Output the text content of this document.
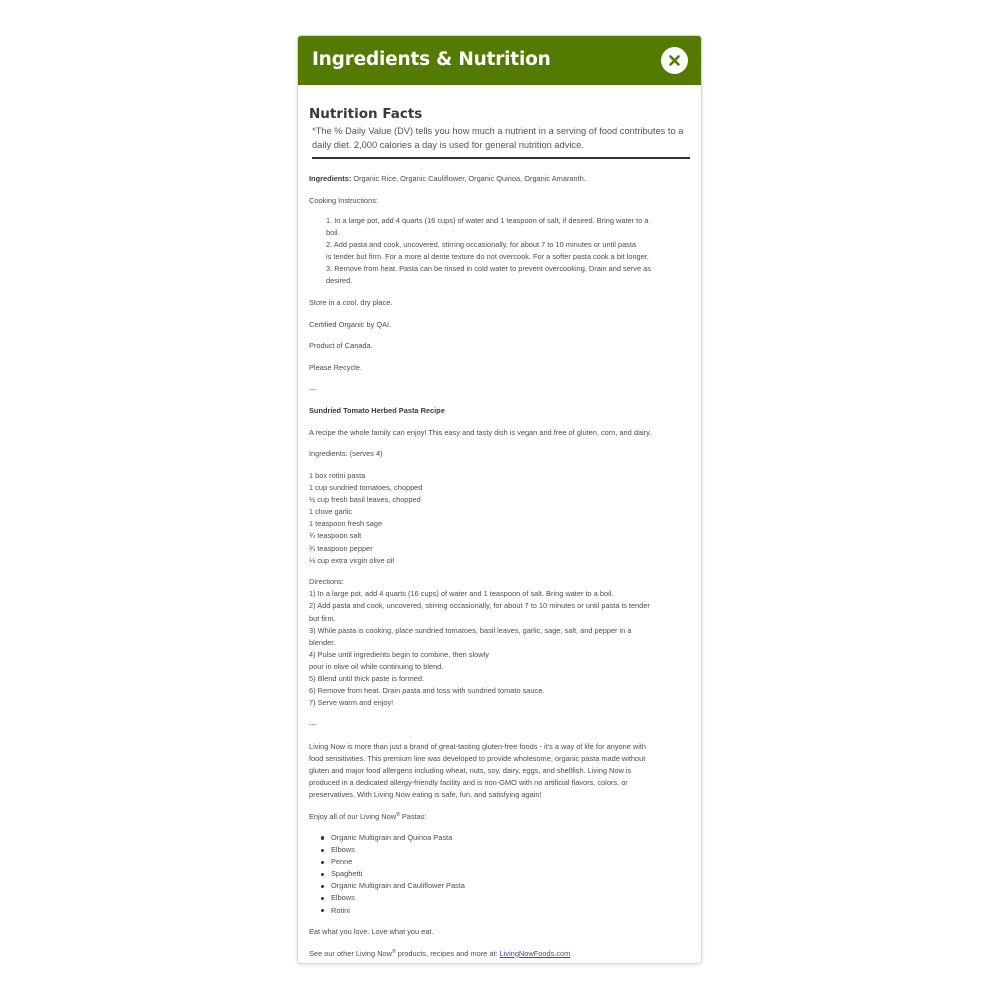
Ingredients & Nutrition
Nutrition Facts
*The % Daily Value (DV) tells you how much a nutrient in a serving of food contributes to a daily diet. 2,000 calories a day is used for general nutrition advice.

Ingredients: Organic Rice, Organic Cauliflower, Organic Quinoa, Organic Amaranth.

Cooking Instructions:

1. In a large pot, add 4 quarts (16 cups) of water and 1 teaspoon of salt, if desired. Bring water to a
boil.
2. Add pasta and cook, uncovered, stirring occasionally, for about 7 to 10 minutes or until pasta
is tender but firm. For a more al dente texture do not overcook. For a softer pasta cook a bit longer.
3. Remove from heat. Pasta can be rinsed in cold water to prevent overcooking. Drain and serve as
desired.

Store in a cool, dry place.

Certified Organic by QAI.

Product of Canada.

Please Recycle.

---

Sundried Tomato Herbed Pasta Recipe

A recipe the whole family can enjoy! This easy and tasty dish is vegan and free of gluten, corn, and dairy.

Ingredients: (serves 4)

1 box rotini pasta
1 cup sundried tomatoes, chopped
½ cup fresh basil leaves, chopped
1 clove garlic
1 teaspoon fresh sage
¾ teaspoon salt
¾ teaspoon pepper
⅓ cup extra virgin olive oil
Directions:
1) In a large pot, add 4 quarts (16 cups) of water and 1 teaspoon of salt. Bring water to a boil.
2) Add pasta and cook, uncovered, stirring occasionally, for about 7 to 10 minutes or until pasta is tender
but firm.
3) While pasta is cooking, place sundried tomatoes, basil leaves, garlic, sage, salt, and pepper in a
blender.
4) Pulse until ingredients begin to combine, then slowly
pour in olive oil while continuing to blend.
5) Blend until thick paste is formed.
6) Remove from heat. Drain pasta and toss with sundried tomato sauce.
7) Serve warm and enjoy!

---

Living Now is more than just a brand of great-tasting gluten-free foods - it's a way of life for anyone with
food sensitivities. This premium line was developed to provide wholesome, organic pasta made without
gluten and major food allergens including wheat, nuts, soy, dairy, eggs, and shellfish. Living Now is
produced in a dedicated allergy-friendly facility and is non-GMO with no artificial flavors, colors, or
preservatives. With Living Now eating is safe, fun, and satisfying again!

Enjoy all of our Living Now® Pastas:

Organic Multigrain and Quinoa Pasta
Elbows
Penne
Spaghetti
Organic Multigrain and Cauliflower Pasta
Elbows
Rotini

Eat what you love. Love what you eat.

See our other Living Now® products, recipes and more at: LivingNowFoods.com
